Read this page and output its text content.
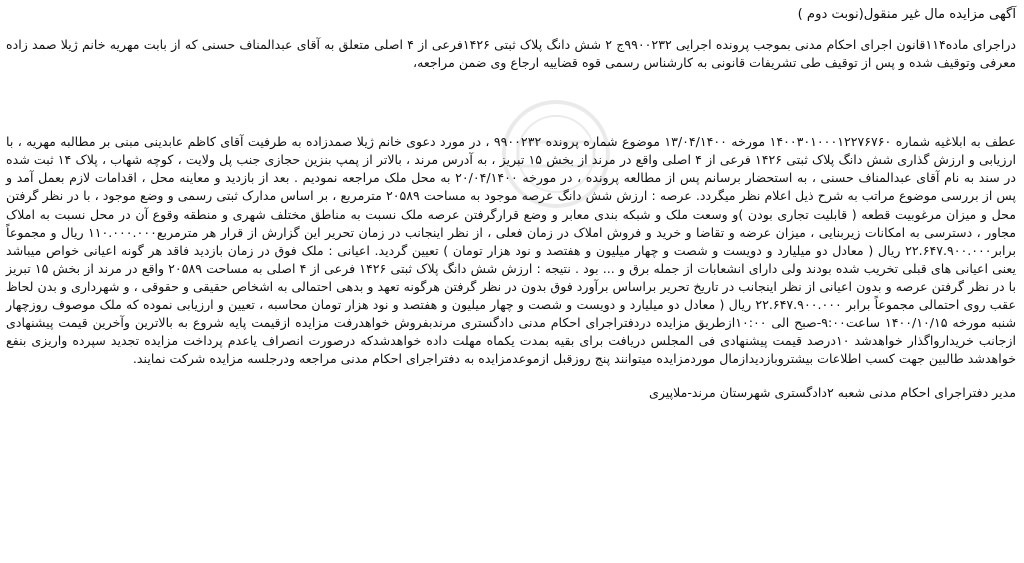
آگهی مزایده مال غیر منقول(نوبت دوم )

دراجرای ماده۱۱۴قانون اجرای احکام مدنی بموجب پرونده اجرایی ۹۹۰۰۲۳۲ج ۲ شش دانگ پلاک ثبتی ۱۴۲۶فرعی از ۴ اصلی متعلق به آقای عبدالمناف حسنی که از بابت مهریه خانم ژیلا صمد زاده معرفی وتوقیف شده و پس از توقیف طی تشریفات قانونی به کارشناس رسمی قوه قضاییه ارجاع وی ضمن مراجعه،

عطف به ابلاغیه شماره ۱۴۰۰۳۰۱۰۰۰۱۲۲۷۶۷۶۰ مورخه ۱۳/۰۴/۱۴۰۰ موضوع شماره پرونده ۹۹۰۰۲۳۲ ، در مورد دعوی خانم ژیلا صمدزاده به طرفیت آقای کاظم عابدینی مبنی بر مطالبه مهریه ، با ارزیابی و ارزش گذاری شش دانگ پلاک ثبتی ۱۴۲۶ فرعی از ۴ اصلی واقع در مرند از بخش ۱۵ تبریز ، به آدرس مرند ، بالاتر از پمپ بنزین حجازی جنب پل ولایت ، کوچه شهاب ، پلاک ۱۴ ثبت شده در سند به نام آقای عبدالمناف حسنی ، به استحضار برسانم پس از مطالعه پرونده ، در مورخه ۲۰/۰۴/۱۴۰۰ به محل ملک مراجعه نمودیم . بعد از بازدید و معاینه محل ، اقدامات لازم بعمل آمد و پس از بررسی موضوع مراتب به شرح ذیل اعلام نظر میگردد. عرصه : ارزش شش دانگ عرصه موجود به مساحت ۲۰۵۸۹ مترمربع ، بر اساس مدارک ثبتی رسمی و وضع موجود ، با در نظر گرفتن محل و میزان مرغوبیت قطعه ( قابلیت تجاری بودن )و وسعت ملک و شبکه بندی معابر و وضع قرارگرفتن عرصه ملک نسبت به مناطق مختلف شهری و منطقه وقوع آن در محل نسبت به املاک مجاور ، دسترسی به امکانات زیربنایی ، میزان عرضه و تقاضا و خرید و فروش املاک در زمان فعلی ، از نظر اینجانب در زمان تحریر این گزارش از قرار هر مترمربع۱۱۰.۰۰۰.۰۰۰ ریال و مجموعاً برابر۲۲.۶۴۷.۹۰۰.۰۰۰ ریال ( معادل دو میلیارد و دویست و شصت و چهار میلیون و هفتصد و نود هزار تومان ) تعیین گردید. اعیانی : ملک فوق در زمان بازدید فاقد هر گونه اعیانی خواص میباشد یعنی اعیانی های قبلی تخریب شده بودند ولی دارای انشعابات از جمله برق و ... بود . نتیجه : ارزش شش دانگ پلاک ثبتی ۱۴۲۶ فرعی از ۴ اصلی به مساحت ۲۰۵۸۹ واقع در مرند از بخش ۱۵ تبریز با در نظر گرفتن عرصه و بدون اعیانی از نظر اینجانب در تاریخ تحریر براساس برآورد فوق بدون در نظر گرفتن هرگونه تعهد و بدهی احتمالی به اشخاص حقیقی و حقوقی ، و شهرداری و بدن لحاظ عقب روی احتمالی مجموعاً برابر ۲۲.۶۴۷.۹۰۰.۰۰۰ ریال ( معادل دو میلیارد و دویست و شصت و چهار میلیون و هفتصد و نود هزار تومان محاسبه ، تعیین و ارزیابی نموده که ملک موصوف روزچهار شنبه مورخه ۱۴۰۰/۱۰/۱۵ ساعت۹:۰۰-صبح الی ۱۰:۰۰ازطریق مزایده دردفتراجرای احکام مدنی دادگستری مرندبفروش خواهدرفت مزایده ازقیمت پایه شروع به بالاترین وآخرین قیمت پیشنهادی ازجانب خریدارواگذار خواهدشد ۱۰درصد قیمت پیشنهادی فی المجلس دریافت برای بقیه بمدت یکماه مهلت داده خواهدشدکه درصورت انصراف یاعدم پرداخت مزایده تجدید سپرده واریزی بنفع خواهدشد طالبین جهت کسب اطلاعات بیشتروبازدیدازمال موردمزایده میتوانند پنج روزقبل ازموعدمزایده به دفتراجرای احکام مدنی مراجعه ودرجلسه مزایده شرکت نمایند.

مدیر دفتراجرای احکام مدنی شعبه ۲دادگستری شهرستان مرند-ملاپیری
